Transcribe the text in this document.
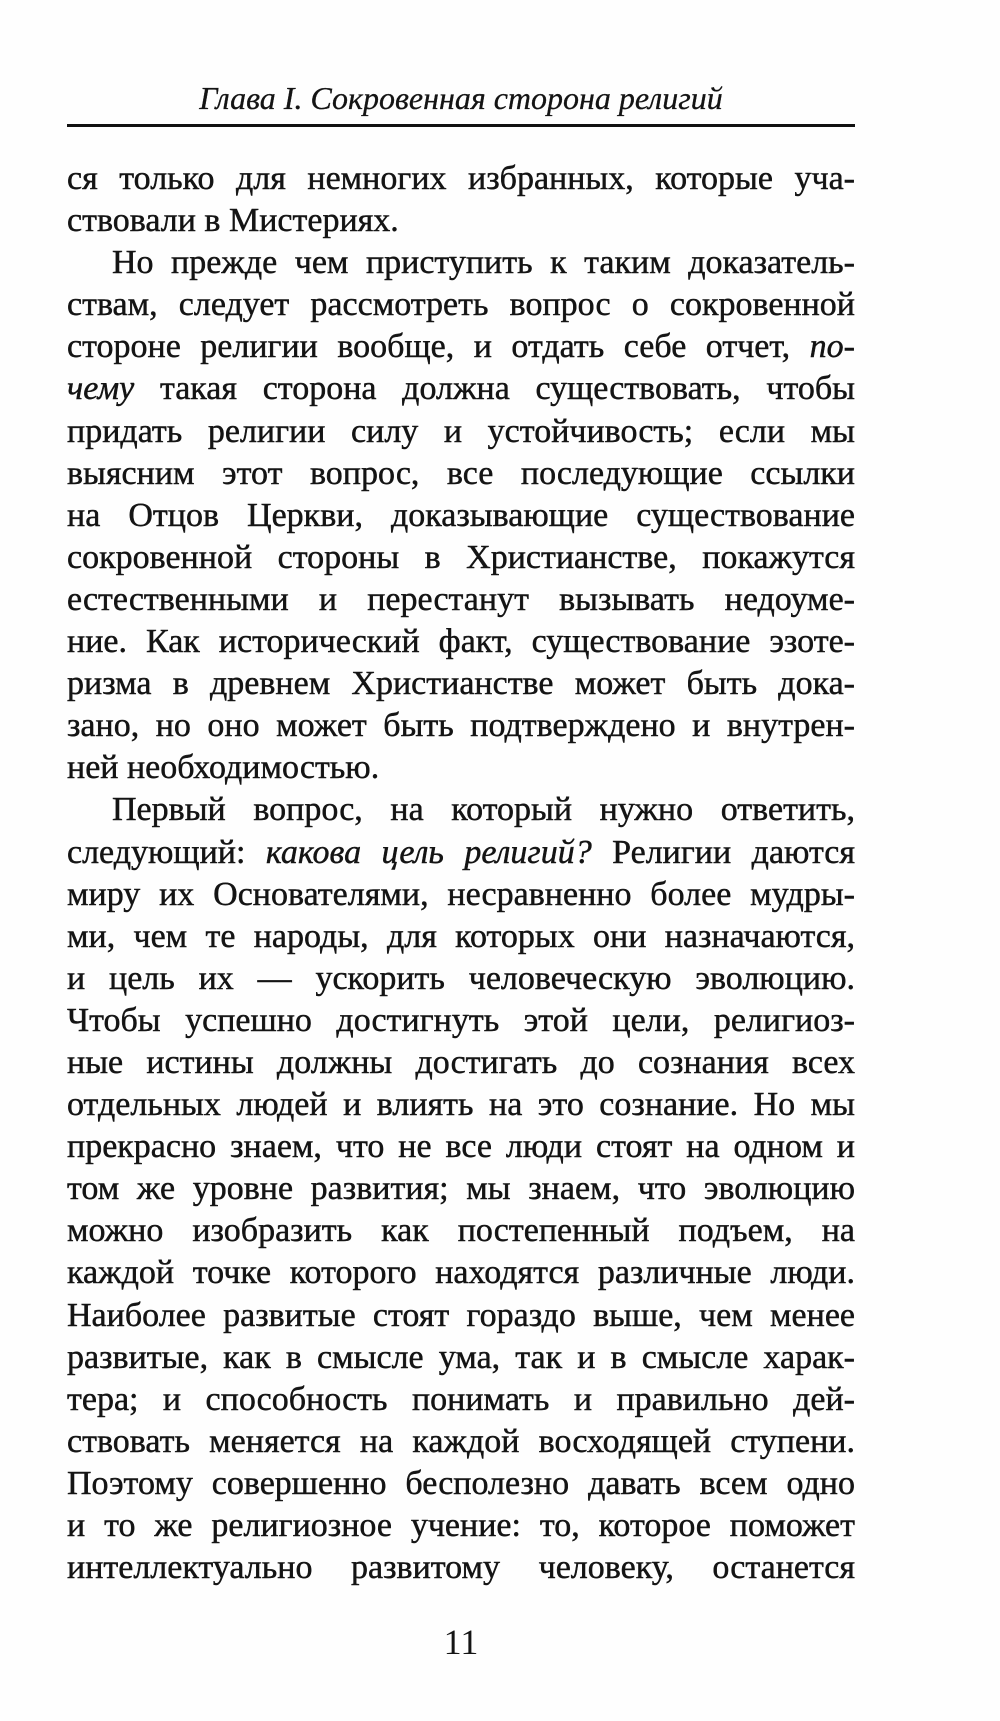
Глава I. Сокровенная сторона религий
ся только для немногих избранных, которые уча-
ствовали в Мистериях.
Но прежде чем приступить к таким доказатель-
ствам, следует рассмотреть вопрос о сокровенной
стороне религии вообще, и отдать себе отчет, по-
чему такая сторона должна существовать, чтобы
придать религии силу и устойчивость; если мы
выясним этот вопрос, все последующие ссылки
на Отцов Церкви, доказывающие существование
сокровенной стороны в Христианстве, покажутся
естественными и перестанут вызывать недоуме-
ние. Как исторический факт, существование эзоте-
ризма в древнем Христианстве может быть дока-
зано, но оно может быть подтверждено и внутрен-
ней необходимостью.
Первый вопрос, на который нужно ответить,
следующий: какова цель религий? Религии даются
миру их Основателями, несравненно более мудры-
ми, чем те народы, для которых они назначаются,
и цель их — ускорить человеческую эволюцию.
Чтобы успешно достигнуть этой цели, религиоз-
ные истины должны достигать до сознания всех
отдельных людей и влиять на это сознание. Но мы
прекрасно знаем, что не все люди стоят на одном и
том же уровне развития; мы знаем, что эволюцию
можно изобразить как постепенный подъем, на
каждой точке которого находятся различные люди.
Наиболее развитые стоят гораздо выше, чем менее
развитые, как в смысле ума, так и в смысле харак-
тера; и способность понимать и правильно дей-
ствовать меняется на каждой восходящей ступени.
Поэтому совершенно бесполезно давать всем одно
и то же религиозное учение: то, которое поможет
интеллектуально развитому человеку, останется
11
